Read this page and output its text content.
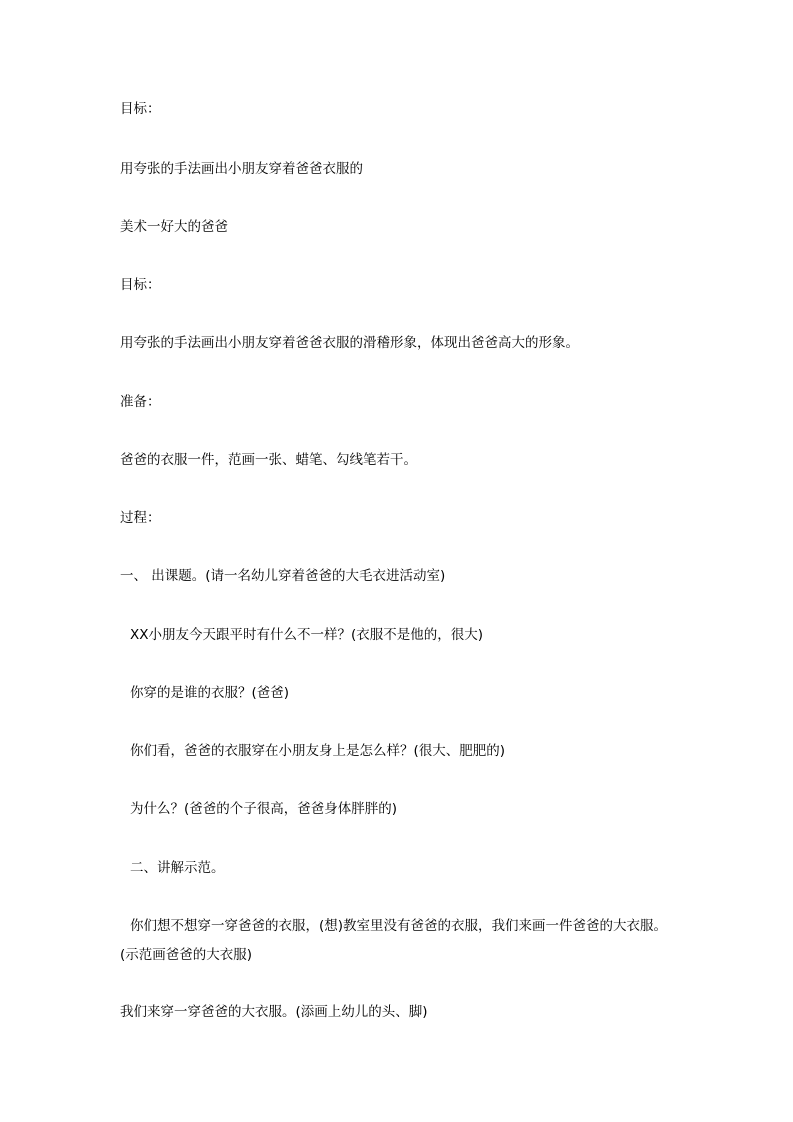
目标：
用夸张的手法画出小朋友穿着爸爸衣服的
美术一好大的爸爸
目标：
用夸张的手法画出小朋友穿着爸爸衣服的滑稽形象，体现出爸爸高大的形象。
准备：
爸爸的衣服一件，范画一张、蜡笔、勾线笔若干。
过程：
一、 出课题。(请一名幼儿穿着爸爸的大毛衣进活动室)
XX小朋友今天跟平时有什么不一样？(衣服不是他的，很大)
你穿的是谁的衣服？(爸爸)
你们看，爸爸的衣服穿在小朋友身上是怎么样？(很大、肥肥的)
为什么？(爸爸的个子很高，爸爸身体胖胖的)
二、讲解示范。
你们想不想穿一穿爸爸的衣服，(想)教室里没有爸爸的衣服，我们来画一件爸爸的大衣服。
(示范画爸爸的大衣服)
我们来穿一穿爸爸的大衣服。(添画上幼儿的头、脚)
